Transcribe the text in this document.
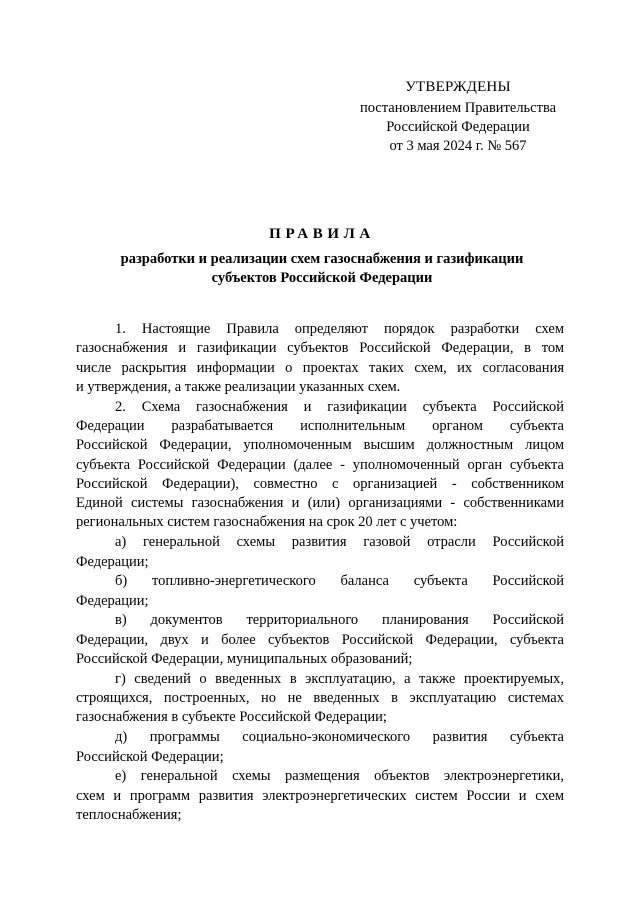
УТВЕРЖДЕНЫ
постановлением Правительства
Российской Федерации
от 3 мая 2024 г. № 567
ПРАВИЛА
разработки и реализации схем газоснабжения и газификации
субъектов Российской Федерации
1. Настоящие Правила определяют порядок разработки схем
газоснабжения и газификации субъектов Российской Федерации, в том
числе раскрытия информации о проектах таких схем, их согласования
и утверждения, а также реализации указанных схем.
2. Схема газоснабжения и газификации субъекта Российской
Федерации разрабатывается исполнительным органом субъекта
Российской Федерации, уполномоченным высшим должностным лицом
субъекта Российской Федерации (далее - уполномоченный орган субъекта
Российской Федерации), совместно с организацией - собственником
Единой системы газоснабжения и (или) организациями - собственниками
региональных систем газоснабжения на срок 20 лет с учетом:
а) генеральной схемы развития газовой отрасли Российской
Федерации;
б) топливно-энергетического баланса субъекта Российской
Федерации;
в) документов территориального планирования Российской
Федерации, двух и более субъектов Российской Федерации, субъекта
Российской Федерации, муниципальных образований;
г) сведений о введенных в эксплуатацию, а также проектируемых,
строящихся, построенных, но не введенных в эксплуатацию системах
газоснабжения в субъекте Российской Федерации;
д) программы социально-экономического развития субъекта
Российской Федерации;
е) генеральной схемы размещения объектов электроэнергетики,
схем и программ развития электроэнергетических систем России и схем
теплоснабжения;
